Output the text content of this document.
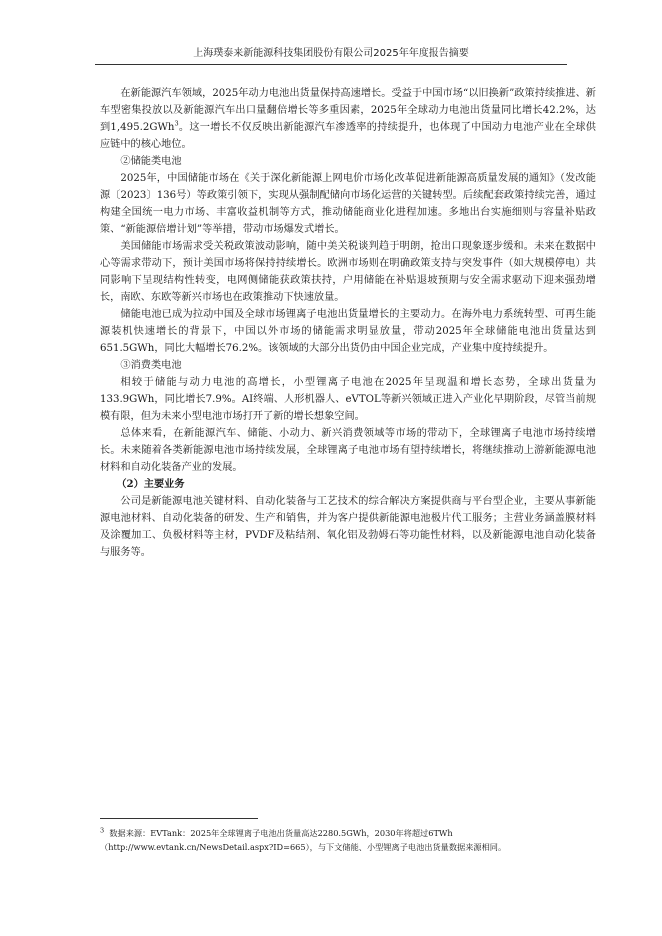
上海璞泰来新能源科技集团股份有限公司2025年年度报告摘要

在新能源汽车领域，2025年动力电池出货量保持高速增长。受益于中国市场“以旧换新”政策持续推进、新车型密集投放以及新能源汽车出口量翻倍增长等多重因素，2025年全球动力电池出货量同比增长42.2%，达到1,495.2GWh$^3$。这一增长不仅反映出新能源汽车渗透率的持续提升，也体现了中国动力电池产业在全球供应链中的核心地位。

②储能类电池

2025年，中国储能市场在《关于深化新能源上网电价市场化改革促进新能源高质量发展的通知》（发改能源〔2023〕136号）等政策引领下，实现从强制配储向市场化运营的关键转型。后续配套政策持续完善，通过构建全国统一电力市场、丰富收益机制等方式，推动储能商业化进程加速。多地出台实施细则与容量补贴政策、“新能源倍增计划”等举措，带动市场爆发式增长。

美国储能市场需求受关税政策波动影响，随中美关税谈判趋于明朗，抢出口现象逐步缓和。未来在数据中心等需求带动下，预计美国市场将保持持续增长。欧洲市场则在明确政策支持与突发事件（如大规模停电）共同影响下呈现结构性转变，电网侧储能获政策扶持，户用储能在补贴退坡预期与安全需求驱动下迎来强劲增长，南欧、东欧等新兴市场也在政策推动下快速放量。

储能电池已成为拉动中国及全球市场锂离子电池出货量增长的主要动力。在海外电力系统转型、可再生能源装机快速增长的背景下，中国以外市场的储能需求明显放量，带动2025年全球储能电池出货量达到651.5GWh，同比大幅增长76.2%。该领域的大部分出货仍由中国企业完成，产业集中度持续提升。

③消费类电池

相较于储能与动力电池的高增长，小型锂离子电池在2025年呈现温和增长态势，全球出货量为133.9GWh，同比增长7.9%。AI终端、人形机器人、eVTOL等新兴领域正进入产业化早期阶段，尽管当前规模有限，但为未来小型电池市场打开了新的增长想象空间。

总体来看，在新能源汽车、储能、小动力、新兴消费领域等市场的带动下，全球锂离子电池市场持续增长。未来随着各类新能源电池市场持续发展，全球锂离子电池市场有望持续增长，将继续推动上游新能源电池材料和自动化装备产业的发展。

（2）主要业务

公司是新能源电池关键材料、自动化装备与工艺技术的综合解决方案提供商与平台型企业，主要从事新能源电池材料、自动化装备的研发、生产和销售，并为客户提供新能源电池极片代工服务；主营业务涵盖膜材料及涂覆加工、负极材料等主材，PVDF及粘结剂、氧化铝及勃姆石等功能性材料，以及新能源电池自动化装备与服务等。

$^3$ 数据来源：EVTank：2025年全球锂离子电池出货量高达2280.5GWh，2030年将超过6TWh

（http://www.evtank.cn/NewsDetail.aspx?ID=665），与下文储能、小型锂离子电池出货量数据来源相同。
